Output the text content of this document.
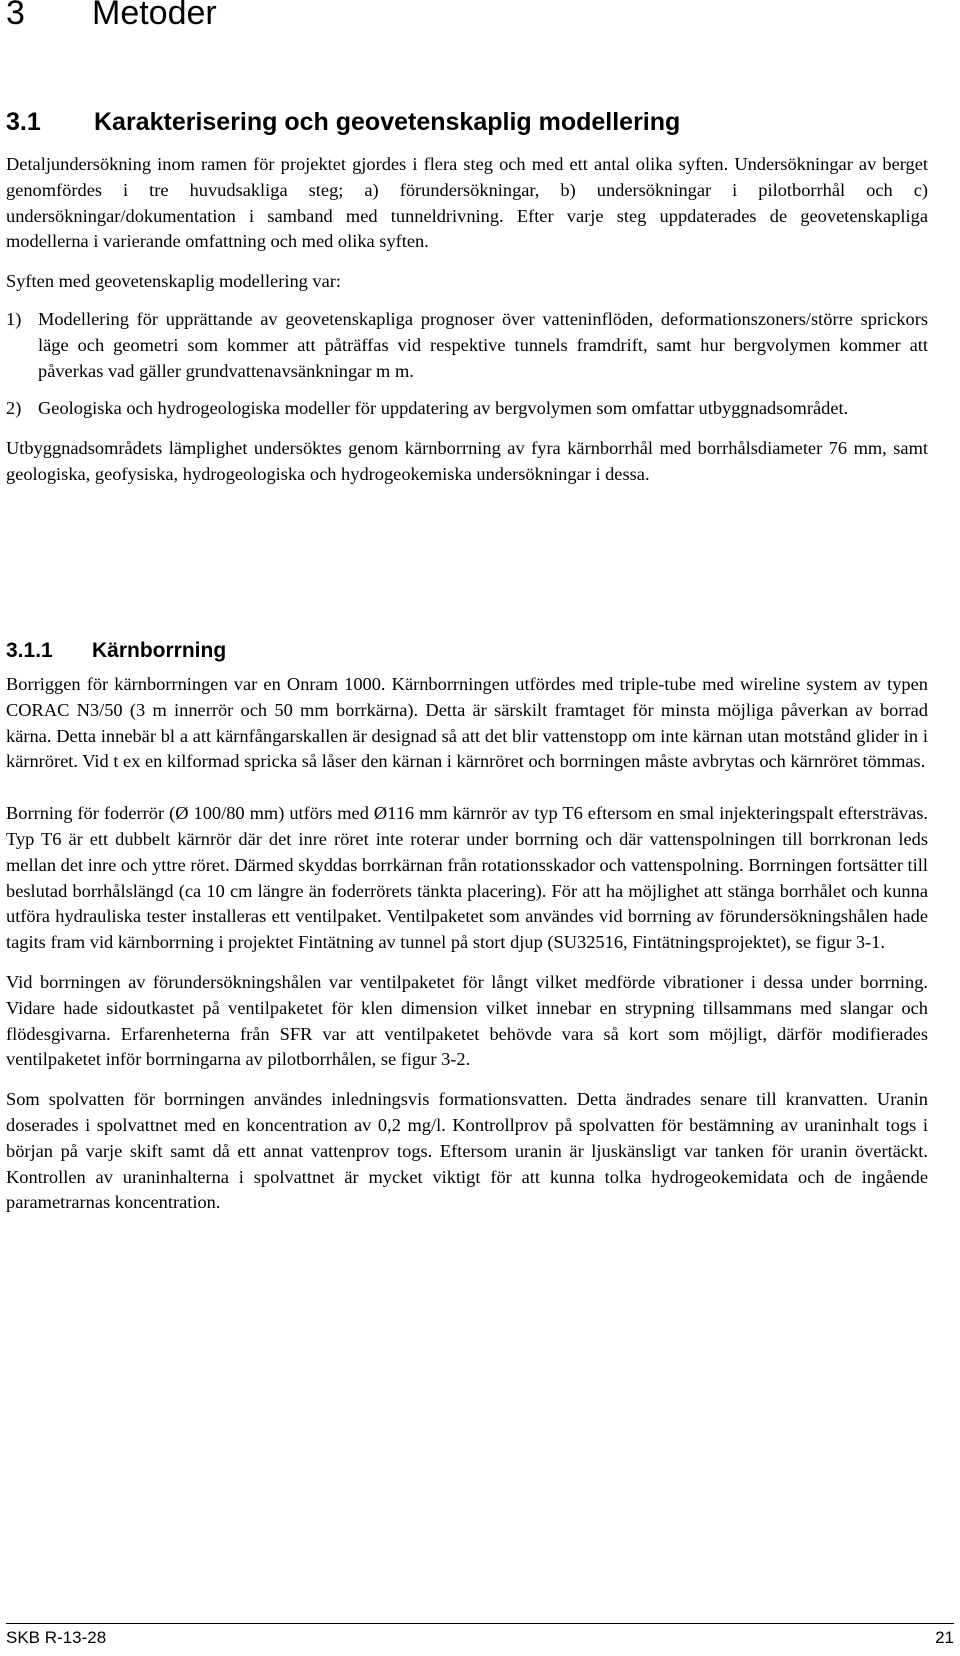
3 Metoder
3.1 Karakterisering och geovetenskaplig modellering

Detaljundersökning inom ramen för projektet gjordes i flera steg och med ett antal olika syften. Undersökningar av berget genomfördes i tre huvudsakliga steg; a) förundersökningar, b) undersökningar i pilotborrhål och c) undersökningar/dokumentation i samband med tunneldrivning. Efter varje steg uppdaterades de geovetenskapliga modellerna i varierande omfattning och med olika syften.

Syften med geovetenskaplig modellering var:

1) Modellering för upprättande av geovetenskapliga prognoser över vatteninflöden, deformationszoners/större sprickors läge och geometri som kommer att påträffas vid respektive tunnels framdrift, samt hur bergvolymen kommer att påverkas vad gäller grundvattenavsänkningar m m.
2) Geologiska och hydrogeologiska modeller för uppdatering av bergvolymen som omfattar utbyggnadsområdet.

Utbyggnadsområdets lämplighet undersöktes genom kärnborrning av fyra kärnborrhål med borrhålsdiameter 76 mm, samt geologiska, geofysiska, hydrogeologiska och hydrogeokemiska undersökningar i dessa.

3.1.1 Kärnborrning

Borriggen för kärnborrningen var en Onram 1000. Kärnborrningen utfördes med triple-tube med wireline system av typen CORAC N3/50 (3 m innerrör och 50 mm borrkärna). Detta är särskilt framtaget för minsta möjliga påverkan av borrad kärna. Detta innebär bl a att kärnfångarskallen är designad så att det blir vattenstopp om inte kärnan utan motstånd glider in i kärnröret. Vid t ex en kilformad spricka så låser den kärnan i kärnröret och borrningen måste avbrytas och kärnröret tömmas.

Borrning för foderrör (Ø 100/80 mm) utförs med Ø116 mm kärnrör av typ T6 eftersom en smal injekteringspalt eftersträvas. Typ T6 är ett dubbelt kärnrör där det inre röret inte roterar under borrning och där vattenspolningen till borrkronan leds mellan det inre och yttre röret. Därmed skyddas borrkärnan från rotationsskador och vattenspolning. Borrningen fortsätter till beslutad borrhålslängd (ca 10 cm längre än foderrörets tänkta placering). För att ha möjlighet att stänga borrhålet och kunna utföra hydrauliska tester installeras ett ventilpaket. Ventilpaketet som användes vid borrning av förundersökningshålen hade tagits fram vid kärnborrning i projektet Fintätning av tunnel på stort djup (SU32516, Fintätningsprojektet), se figur 3-1.

Vid borrningen av förundersökningshålen var ventilpaketet för långt vilket medförde vibrationer i dessa under borrning. Vidare hade sidoutkastet på ventilpaketet för klen dimension vilket innebar en strypning tillsammans med slangar och flödesgivarna. Erfarenheterna från SFR var att ventilpaketet behövde vara så kort som möjligt, därför modifierades ventilpaketet inför borrningarna av pilotborrhålen, se figur 3-2.

Som spolvatten för borrningen användes inledningsvis formationsvatten. Detta ändrades senare till kranvatten. Uranin doserades i spolvattnet med en koncentration av 0,2 mg/l. Kontrollprov på spolvatten för bestämning av uraninhalt togs i början på varje skift samt då ett annat vattenprov togs. Eftersom uranin är ljuskänsligt var tanken för uranin övertäckt. Kontrollen av uraninhalterna i spolvattnet är mycket viktigt för att kunna tolka hydrogeokemidata och de ingående parametrarnas koncentration.

SKB R-13-28	21
